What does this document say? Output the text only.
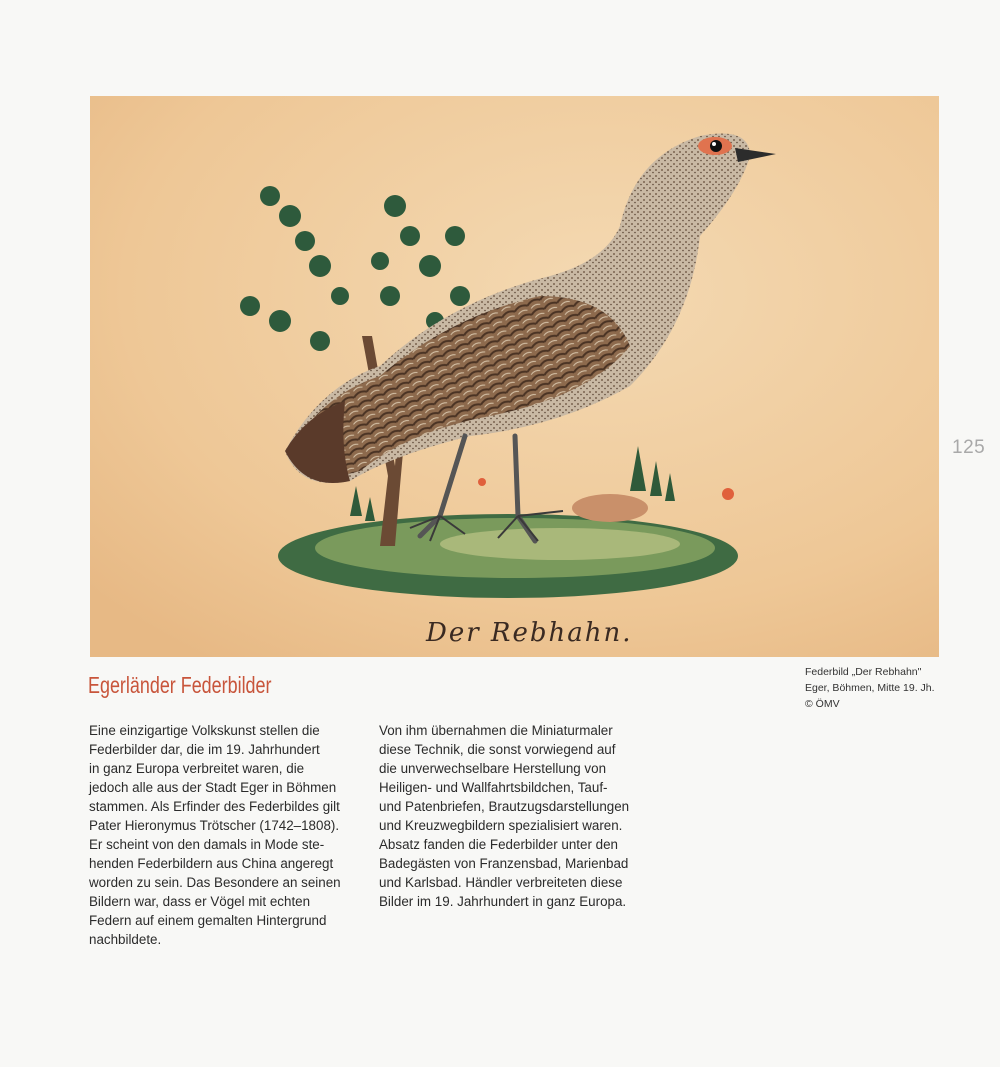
Der Rebhahn.
125
Federbild „Der Rebhahn"
Eger, Böhmen, Mitte 19. Jh.
© ÖMV
Egerländer Federbilder
Eine einzigartige Volkskunst stellen die
Federbilder dar, die im 19. Jahrhundert
in ganz Europa verbreitet waren, die
jedoch alle aus der Stadt Eger in Böhmen
stammen. Als Erfinder des Federbildes gilt
Pater Hieronymus Trötscher (1742–1808).
Er scheint von den damals in Mode ste-
henden Federbildern aus China angeregt
worden zu sein. Das Besondere an seinen
Bildern war, dass er Vögel mit echten
Federn auf einem gemalten Hintergrund
nachbildete.
Von ihm übernahmen die Miniaturmaler
diese Technik, die sonst vorwiegend auf
die unverwechselbare Herstellung von
Heiligen- und Wallfahrtsbildchen, Tauf-
und Patenbriefen, Brautzugsdarstellungen
und Kreuzwegbildern spezialisiert waren.
Absatz fanden die Federbilder unter den
Badegästen von Franzensbad, Marienbad
und Karlsbad. Händler verbreiteten diese
Bilder im 19. Jahrhundert in ganz Europa.
